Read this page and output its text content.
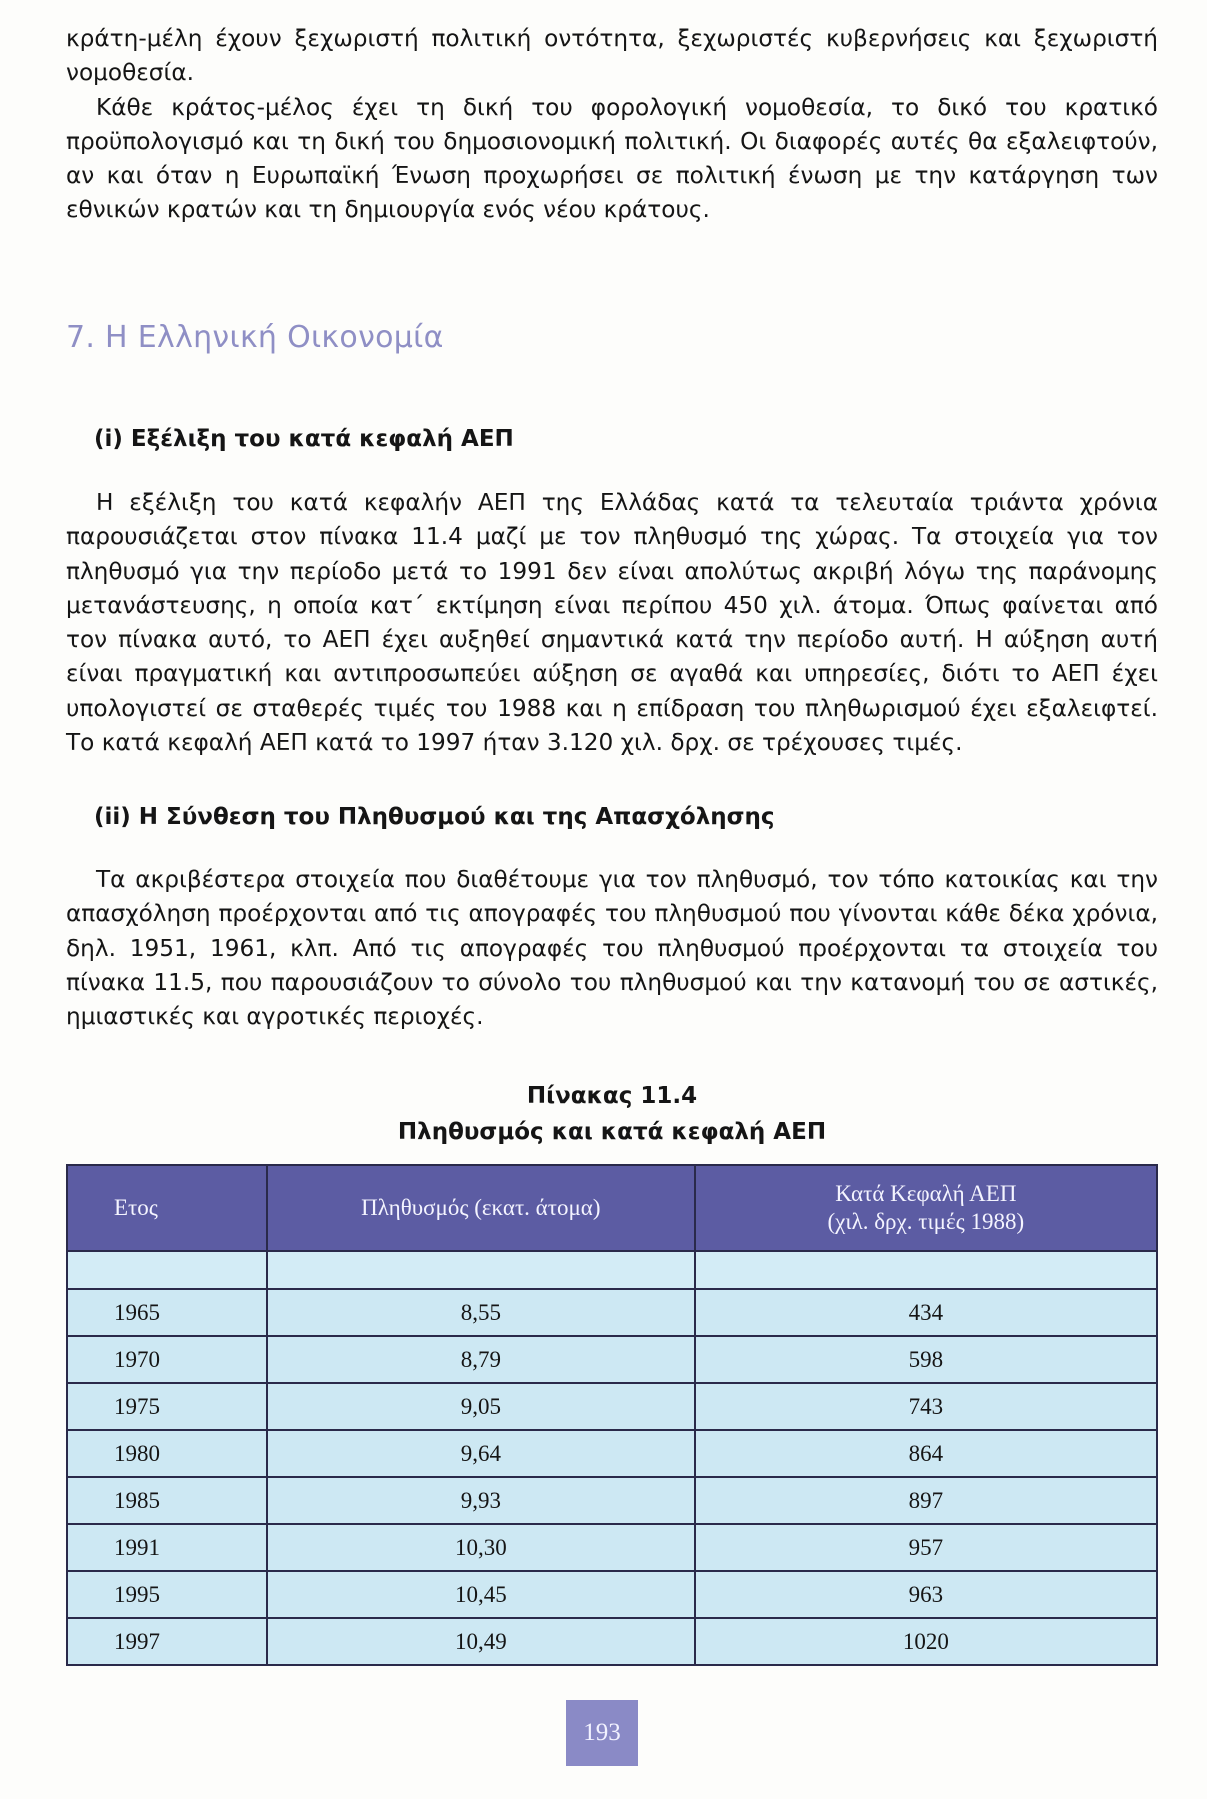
κράτη-μέλη έχουν ξεχωριστή πολιτική οντότητα, ξεχωριστές κυβερνήσεις και ξεχωριστή νομοθεσία.

Κάθε κράτος-μέλος έχει τη δική του φορολογική νομοθεσία, το δικό του κρατικό προϋπολογισμό και τη δική του δημοσιονομική πολιτική. Οι διαφορές αυτές θα εξαλειφτούν, αν και όταν η Ευρωπαϊκή Ένωση προχωρήσει σε πολιτική ένωση με την κατάργηση των εθνικών κρατών και τη δημιουργία ενός νέου κράτους.

7. Η Ελληνική Οικονομία
(i) Εξέλιξη του κατά κεφαλή ΑΕΠ

Η εξέλιξη του κατά κεφαλήν ΑΕΠ της Ελλάδας κατά τα τελευταία τριάντα χρόνια παρουσιάζεται στον πίνακα 11.4 μαζί με τον πληθυσμό της χώρας. Τα στοιχεία για τον πληθυσμό για την περίοδο μετά το 1991 δεν είναι απολύτως ακριβή λόγω της παράνομης μετανάστευσης, η οποία κατ΄ εκτίμηση είναι περίπου 450 χιλ. άτομα. Όπως φαίνεται από τον πίνακα αυτό, το ΑΕΠ έχει αυξηθεί σημαντικά κατά την περίοδο αυτή. Η αύξηση αυτή είναι πραγματική και αντιπροσωπεύει αύξηση σε αγαθά και υπηρεσίες, διότι το ΑΕΠ έχει υπολογιστεί σε σταθερές τιμές του 1988 και η επίδραση του πληθωρισμού έχει εξαλειφτεί. Το κατά κεφαλή ΑΕΠ κατά το 1997 ήταν 3.120 χιλ. δρχ. σε τρέχουσες τιμές.

(ii) Η Σύνθεση του Πληθυσμού και της Απασχόλησης

Τα ακριβέστερα στοιχεία που διαθέτουμε για τον πληθυσμό, τον τόπο κατοικίας και την απασχόληση προέρχονται από τις απογραφές του πληθυσμού που γίνονται κάθε δέκα χρόνια, δηλ. 1951, 1961, κλπ. Από τις απογραφές του πληθυσμού προέρχονται τα στοιχεία του πίνακα 11.5, που παρουσιάζουν το σύνολο του πληθυσμού και την κατανομή του σε αστικές, ημιαστικές και αγροτικές περιοχές.

Πίνακας 11.4
Πληθυσμός και κατά κεφαλή ΑΕΠ
Ετος	Πληθυσμός (εκατ. άτομα)	Κατά Κεφαλή ΑΕΠ
(χιλ. δρχ. τιμές 1988)

1965	8,55	434
1970	8,79	598
1975	9,05	743
1980	9,64	864
1985	9,93	897
1991	10,30	957
1995	10,45	963
1997	10,49	1020
193
